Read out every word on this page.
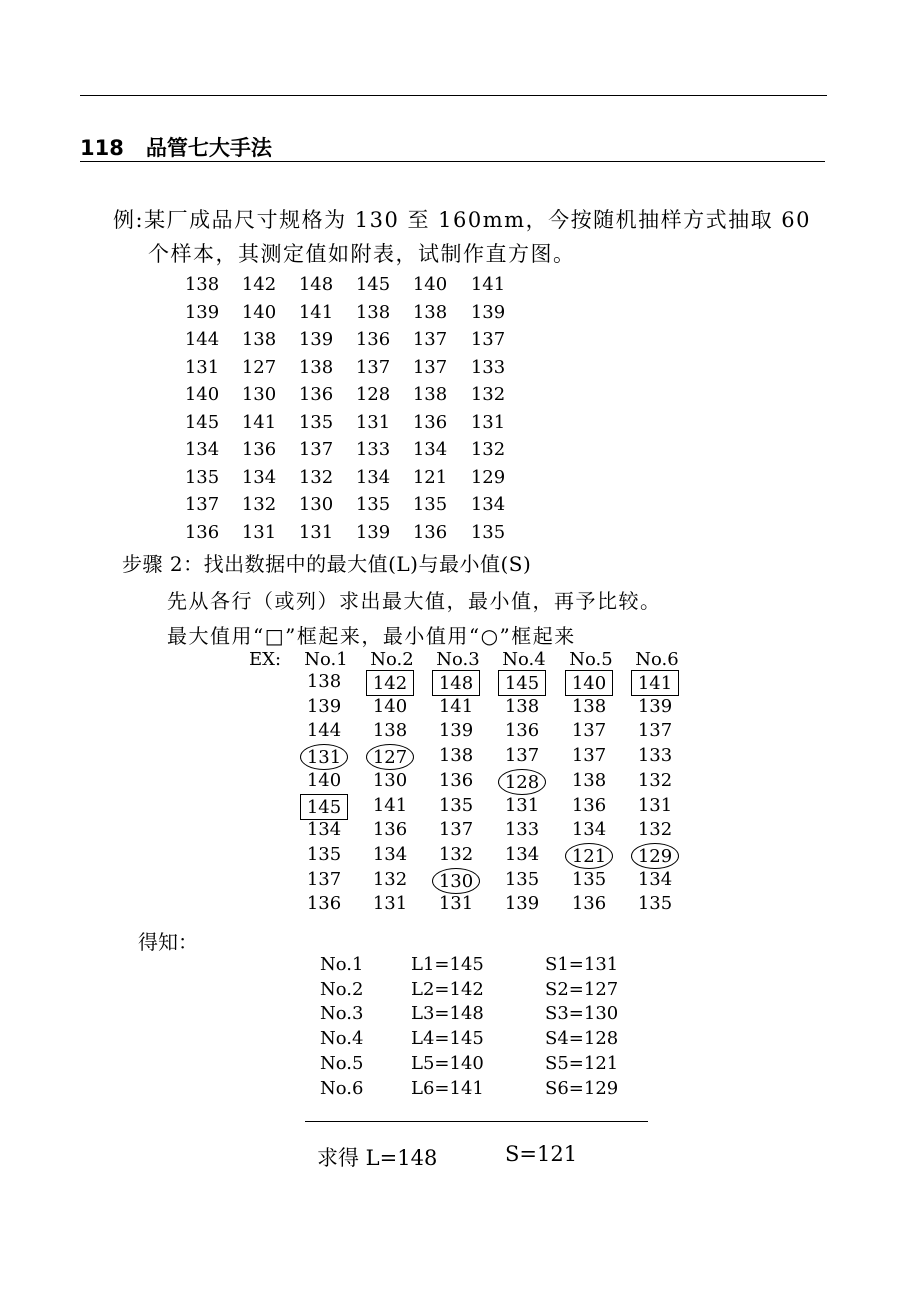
118 品管七大手法
例:某厂成品尺寸规格为 130 至 160mm，今按随机抽样方式抽取 60
个样本，其测定值如附表，试制作直方图。
138 142 148 145 140 141
139 140 141 138 138 139
144 138 139 136 137 137
131 127 138 137 137 133
140 130 136 128 138 132
145 141 135 131 136 131
134 136 137 133 134 132
135 134 132 134 121 129
137 132 130 135 135 134
136 131 131 139 136 135
步骤 2：找出数据中的最大值(L)与最小值(S)
先从各行（或列）求出最大值，最小值，再予比较。
最大值用“□”框起来，最小值用“○”框起来
EX: No.1 No.2 No.3 No.4 No.5 No.6
138	142	148	145	140	141
139	140	141	138	138	139
144	138	139	136	137	137
131	127	138	137	137	133
140	130	136	128	138	132
145	141	135	131	136	131
134	136	137	133	134	132
135	134	132	134	121	129
137	132	130	135	135	134
136	131	131	139	136	135
得知：
No.1	L1=145	S1=131
No.2	L2=142	S2=127
No.3	L3=148	S3=130
No.4	L4=145	S4=128
No.5	L5=140	S5=121
No.6	L6=141	S6=129
求得 L=148	S=121
